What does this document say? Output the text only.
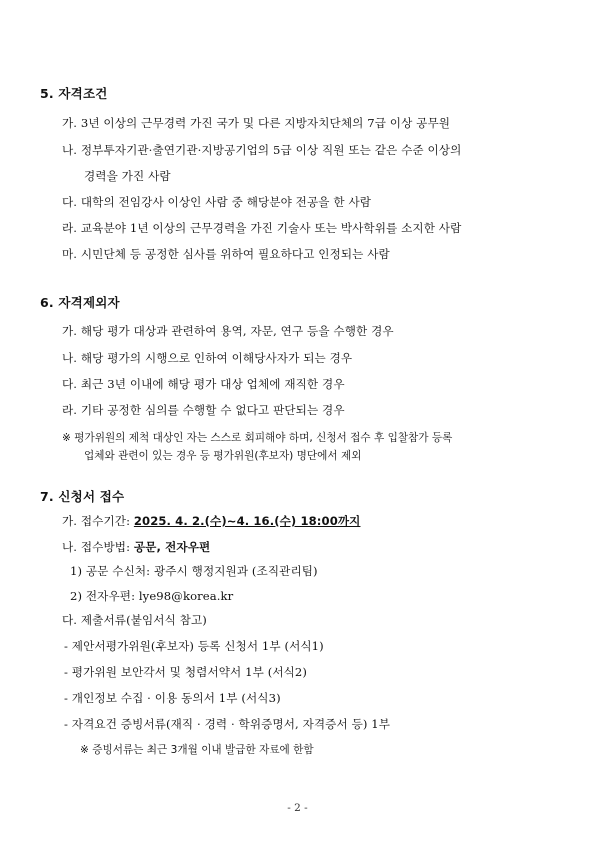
5. 자격조건
가. 3년 이상의 근무경력 가진 국가 및 다른 지방자치단체의 7급 이상 공무원
나. 정부투자기관·출연기관·지방공기업의 5급 이상 직원 또는 같은 수준 이상의
경력을 가진 사람
다. 대학의 전임강사 이상인 사람 중 해당분야 전공을 한 사람
라. 교육분야 1년 이상의 근무경력을 가진 기술사 또는 박사학위를 소지한 사람
마. 시민단체 등 공정한 심사를 위하여 필요하다고 인정되는 사람
6. 자격제외자
가. 해당 평가 대상과 관련하여 용역, 자문, 연구 등을 수행한 경우
나. 해당 평가의 시행으로 인하여 이해당사자가 되는 경우
다. 최근 3년 이내에 해당 평가 대상 업체에 재직한 경우
라. 기타 공정한 심의를 수행할 수 없다고 판단되는 경우
※ 평가위원의 제척 대상인 자는 스스로 회피해야 하며, 신청서 접수 후 입찰참가 등록
업체와 관련이 있는 경우 등 평가위원(후보자) 명단에서 제외
7. 신청서 접수
가. 접수기간: 2025. 4. 2.(수)~4. 16.(수) 18:00까지
나. 접수방법: 공문, 전자우편
1) 공문 수신처: 광주시 행정지원과 (조직관리팀)
2) 전자우편: lye98@korea.kr
다. 제출서류(붙임서식 참고)
- 제안서평가위원(후보자) 등록 신청서 1부 (서식1)
- 평가위원 보안각서 및 청렴서약서 1부 (서식2)
- 개인정보 수집 · 이용 동의서 1부 (서식3)
- 자격요건 증빙서류(재직 · 경력 · 학위증명서, 자격증서 등) 1부
※ 증빙서류는 최근 3개월 이내 발급한 자료에 한함
- 2 -
